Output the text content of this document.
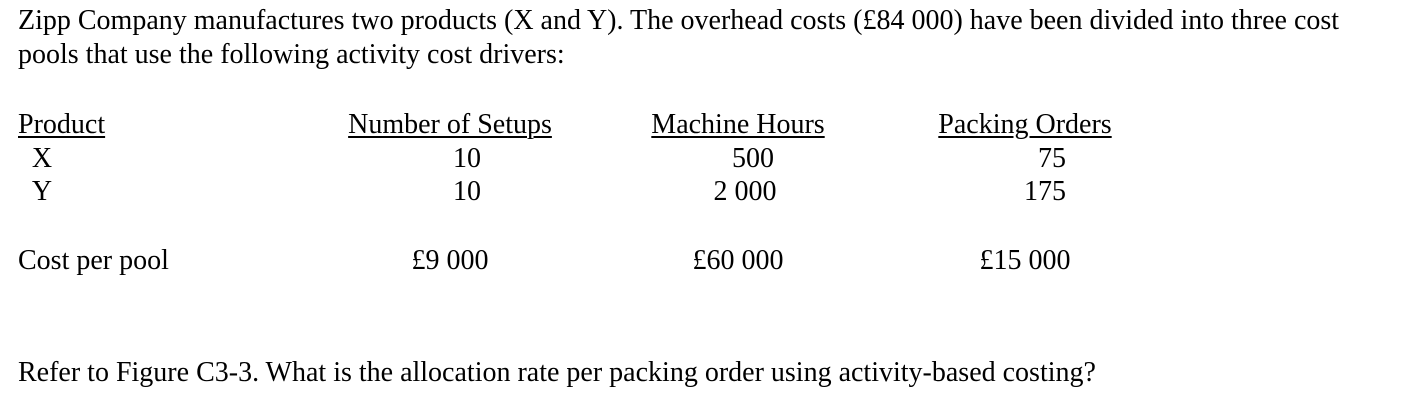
Zipp Company manufactures two products (X and Y). The overhead costs (£84 000) have been divided into three cost pools that use the following activity cost drivers:

Product	Number of Setups	Machine Hours	Packing Orders
X	10	500	75
Y	10	2 000	175
Cost per pool	£9 000	£60 000	£15 000

Refer to Figure C3-3. What is the allocation rate per packing order using activity-based costing?
